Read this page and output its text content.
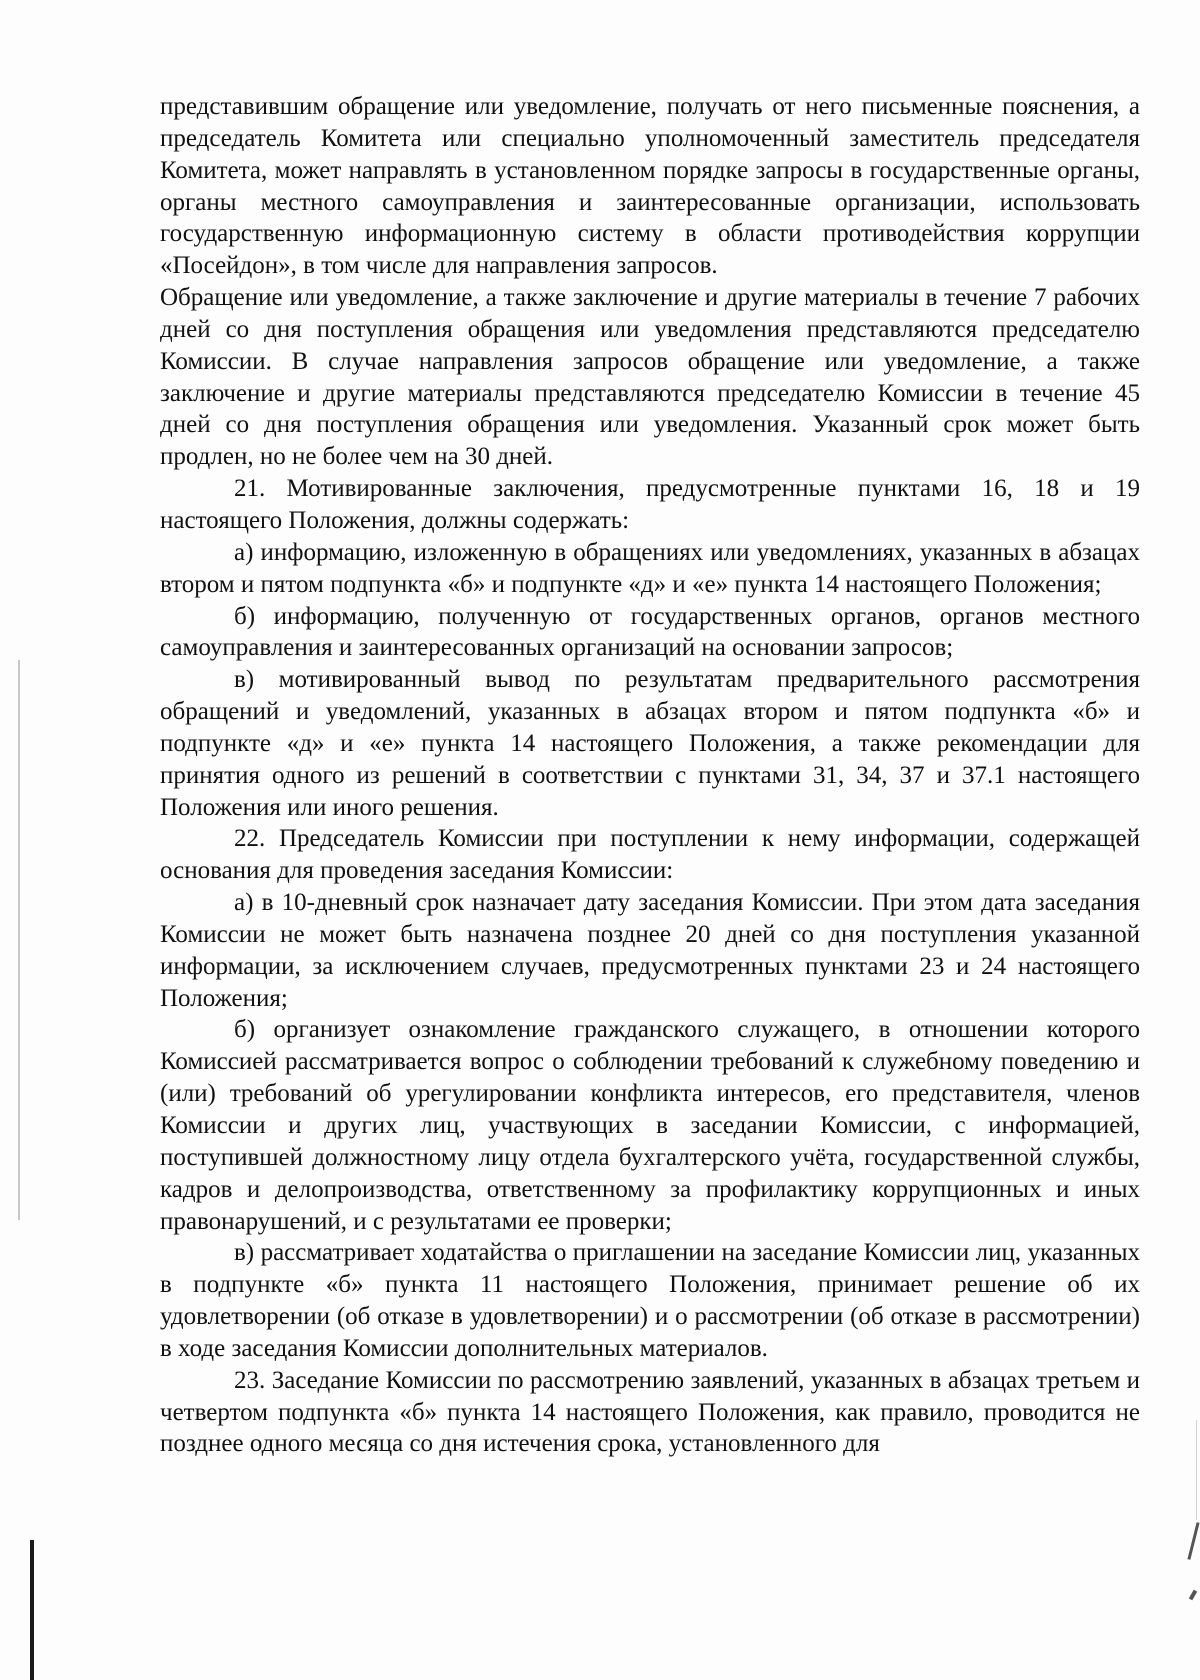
представившим обращение или уведомление, получать от него письменные пояснения, а председатель Комитета или специально уполномоченный заместитель председателя Комитета, может направлять в установленном порядке запросы в государственные органы, органы местного самоуправления и заинтересованные организации, использовать государственную информационную систему в области противодействия коррупции «Посейдон», в том числе для направления запросов.

Обращение или уведомление, а также заключение и другие материалы в течение 7 рабочих дней со дня поступления обращения или уведомления представляются председателю Комиссии. В случае направления запросов обращение или уведомление, а также заключение и другие материалы представляются председателю Комиссии в течение 45 дней со дня поступления обращения или уведомления. Указанный срок может быть продлен, но не более чем на 30 дней.

21. Мотивированные заключения, предусмотренные пунктами 16, 18 и 19 настоящего Положения, должны содержать:

а) информацию, изложенную в обращениях или уведомлениях, указанных в абзацах втором и пятом подпункта «б» и подпункте «д» и «е» пункта 14 настоящего Положения;

б) информацию, полученную от государственных органов, органов местного самоуправления и заинтересованных организаций на основании запросов;

в) мотивированный вывод по результатам предварительного рассмотрения обращений и уведомлений, указанных в абзацах втором и пятом подпункта «б» и подпункте «д» и «е» пункта 14 настоящего Положения, а также рекомендации для принятия одного из решений в соответствии с пунктами 31, 34, 37 и 37.1 настоящего Положения или иного решения.

22. Председатель Комиссии при поступлении к нему информации, содержащей основания для проведения заседания Комиссии:

а) в 10-дневный срок назначает дату заседания Комиссии. При этом дата заседания Комиссии не может быть назначена позднее 20 дней со дня поступления указанной информации, за исключением случаев, предусмотренных пунктами 23 и 24 настоящего Положения;

б) организует ознакомление гражданского служащего, в отношении которого Комиссией рассматривается вопрос о соблюдении требований к служебному поведению и (или) требований об урегулировании конфликта интересов, его представителя, членов Комиссии и других лиц, участвующих в заседании Комиссии, с информацией, поступившей должностному лицу отдела бухгалтерского учёта, государственной службы, кадров и делопроизводства, ответственному за профилактику коррупционных и иных правонарушений, и с результатами ее проверки;

в) рассматривает ходатайства о приглашении на заседание Комиссии лиц, указанных в подпункте «б» пункта 11 настоящего Положения, принимает решение об их удовлетворении (об отказе в удовлетворении) и о рассмотрении (об отказе в рассмотрении) в ходе заседания Комиссии дополнительных материалов.

23. Заседание Комиссии по рассмотрению заявлений, указанных в абзацах третьем и четвертом подпункта «б» пункта 14 настоящего Положения, как правило, проводится не позднее одного месяца со дня истечения срока, установленного для
